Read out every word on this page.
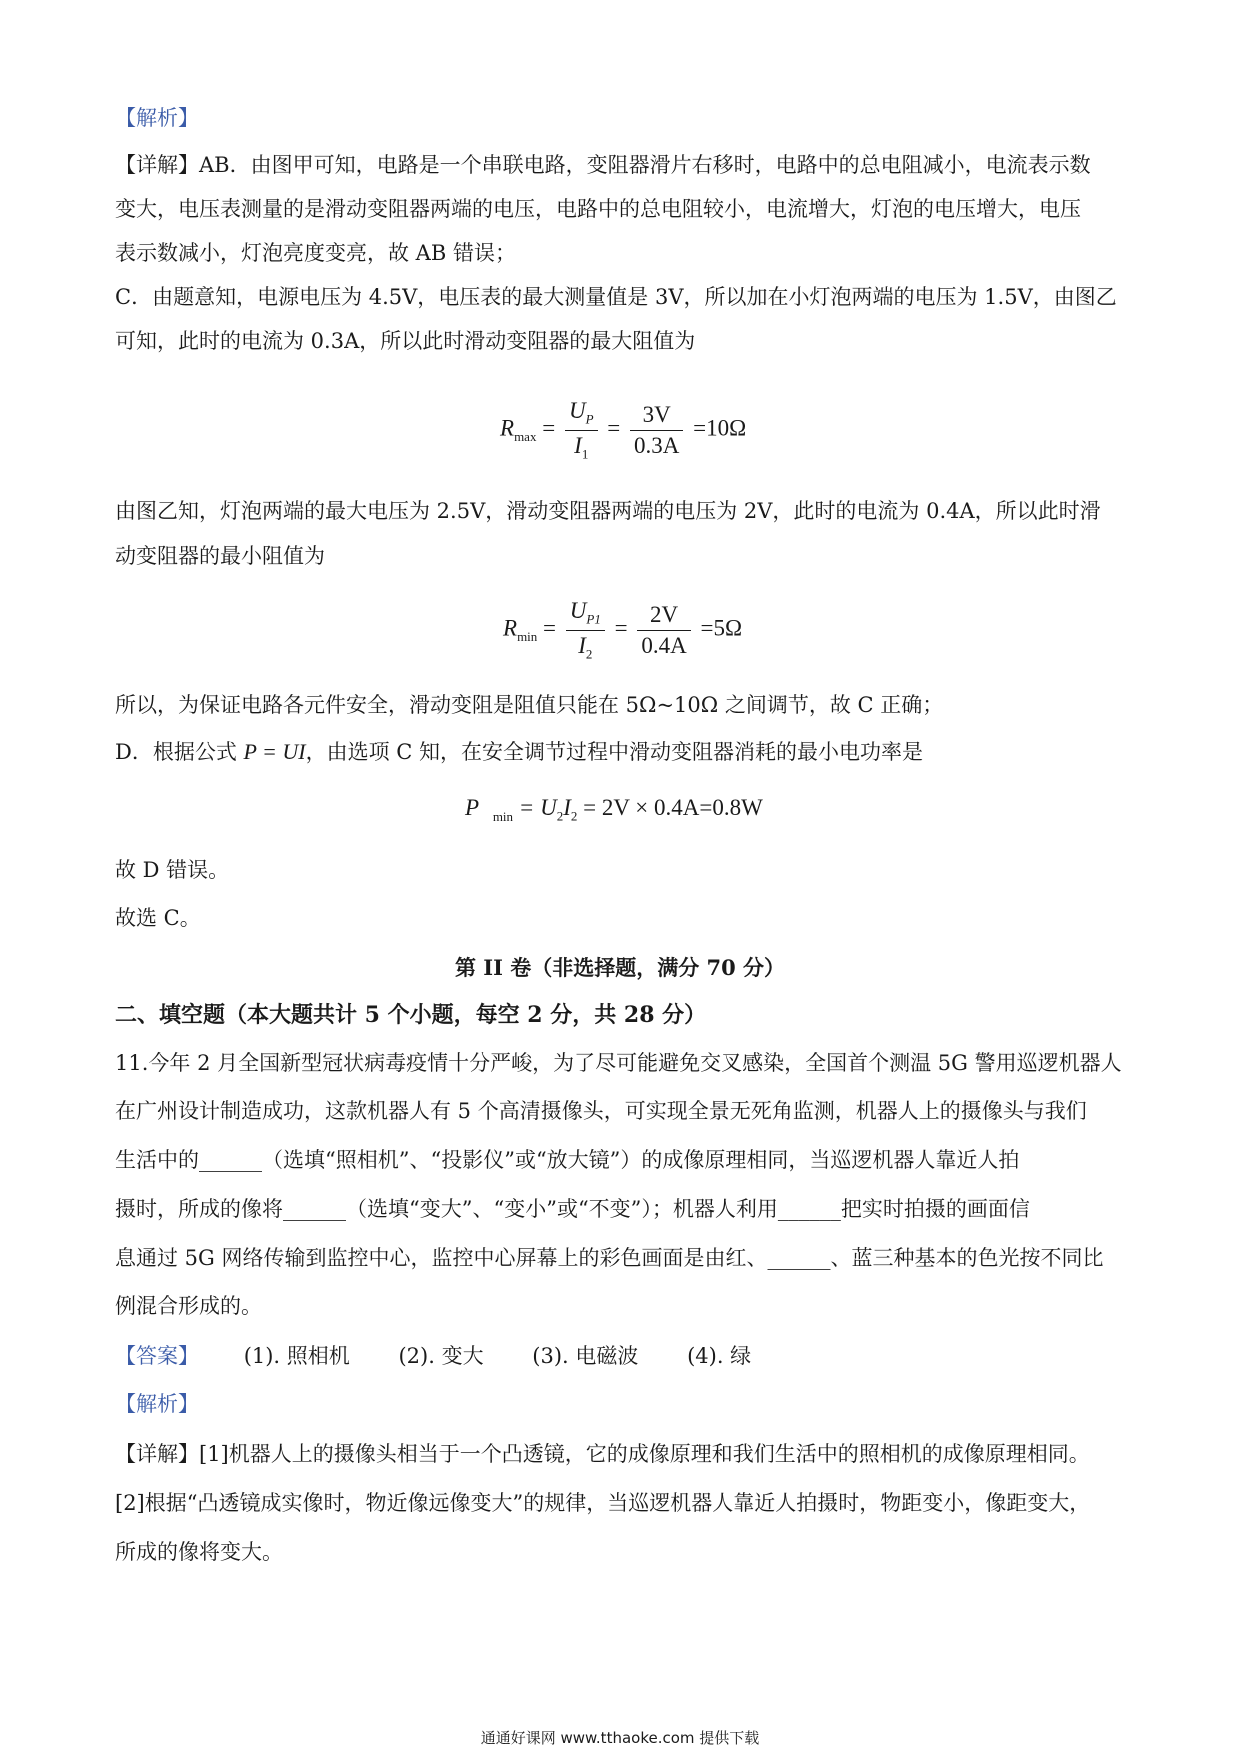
【解析】
【详解】AB．由图甲可知，电路是一个串联电路，变阻器滑片右移时，电路中的总电阻减小，电流表示数
变大，电压表测量的是滑动变阻器两端的电压，电路中的总电阻较小，电流增大，灯泡的电压增大，电压
表示数减小，灯泡亮度变亮，故 AB 错误；
C．由题意知，电源电压为 4.5V，电压表的最大测量值是 3V，所以加在小灯泡两端的电压为 1.5V，由图乙
可知，此时的电流为 0.3A，所以此时滑动变阻器的最大阻值为
$R_{max} = \frac{U_P}{I_1} = \frac{3V}{0.3A} =10\Omega$
由图乙知，灯泡两端的最大电压为 2.5V，滑动变阻器两端的电压为 2V，此时的电流为 0.4A，所以此时滑
动变阻器的最小阻值为
$R_{min} = \frac{U_{P1}}{I_2} = \frac{2V}{0.4A} =5\Omega$
所以，为保证电路各元件安全，滑动变阻是阻值只能在 5Ω~10Ω 之间调节，故 C 正确；
D．根据公式 P = UI，由选项 C 知，在安全调节过程中滑动变阻器消耗的最小电功率是
P $_{min} = U_2I_2 = 2V \times 0.4A=0.8W$
故 D 错误。
故选 C。
第 II 卷（非选择题，满分 70 分）
二、填空题（本大题共计 5 个小题，每空 2 分，共 28 分）
11.今年 2 月全国新型冠状病毒疫情十分严峻，为了尽可能避免交叉感染，全国首个测温 5G 警用巡逻机器人
在广州设计制造成功，这款机器人有 5 个高清摄像头，可实现全景无死角监测，机器人上的摄像头与我们
生活中的______（选填“照相机”、“投影仪”或“放大镜”）的成像原理相同，当巡逻机器人靠近人拍
摄时，所成的像将______（选填“变大”、“变小”或“不变”）；机器人利用______把实时拍摄的画面信
息通过 5G 网络传输到监控中心，监控中心屏幕上的彩色画面是由红、______、蓝三种基本的色光按不同比
例混合形成的。
【答案】 (1). 照相机 (2). 变大 (3). 电磁波 (4). 绿
【解析】
【详解】[1]机器人上的摄像头相当于一个凸透镜，它的成像原理和我们生活中的照相机的成像原理相同。
[2]根据“凸透镜成实像时，物近像远像变大”的规律，当巡逻机器人靠近人拍摄时，物距变小，像距变大，
所成的像将变大。
通通好课网 www.tthaoke.com 提供下载
